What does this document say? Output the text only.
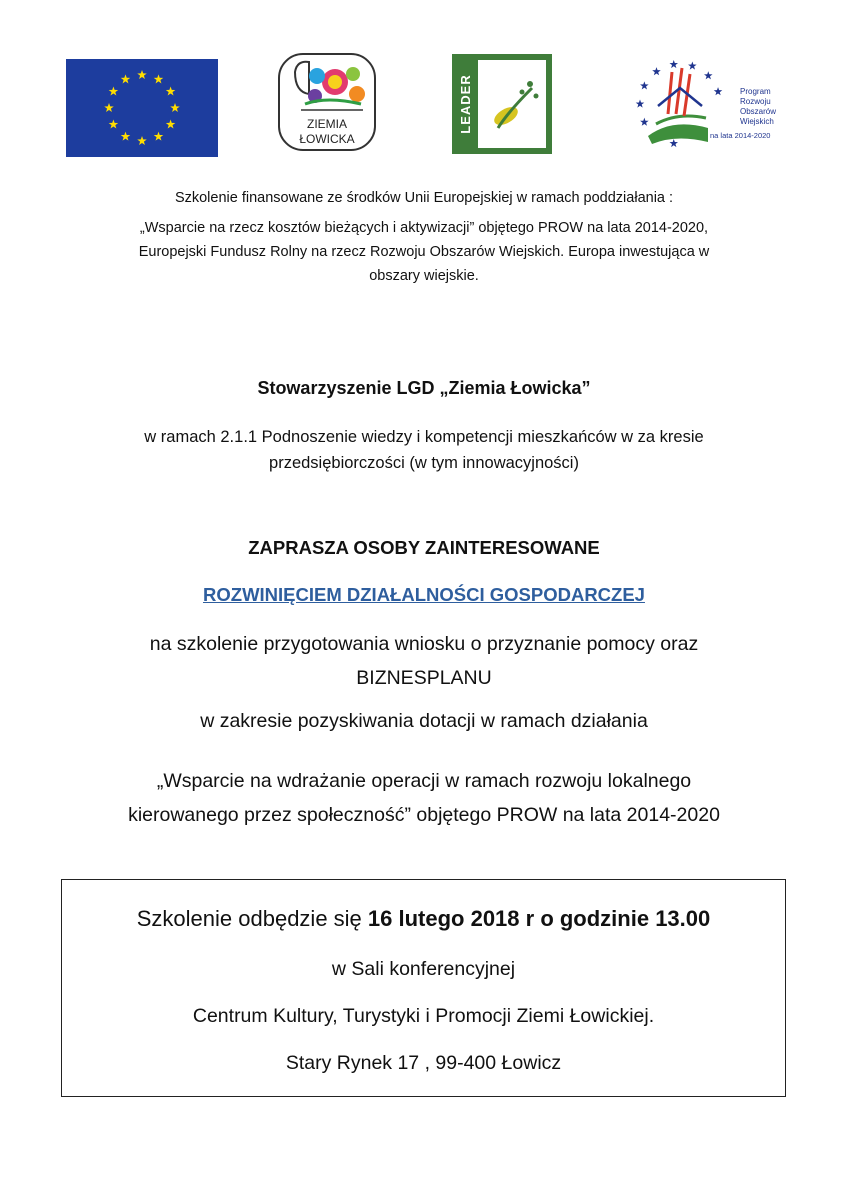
ZIEMIA
ŁOWICKA
LEADER	Program
Rozwoju
Obszarów
Wiejskich
na lata 2014-2020

Szkolenie finansowane ze środków Unii Europejskiej w ramach poddziałania :

„Wsparcie na rzecz kosztów bieżących i aktywizacji” objętego PROW na lata 2014-2020,

Europejski Fundusz Rolny na rzecz Rozwoju Obszarów Wiejskich. Europa inwestująca w

obszary wiejskie.

Stowarzyszenie LGD „Ziemia Łowicka”
w ramach 2.1.1 Podnoszenie wiedzy i kompetencji mieszkańców w za kresie
przedsiębiorczości (w tym innowacyjności)
ZAPRASZA OSOBY ZAINTERESOWANE
ROZWINIĘCIEM DZIAŁALNOŚCI GOSPODARCZEJ
na szkolenie przygotowania wniosku o przyznanie pomocy oraz
BIZNESPLANU
w zakresie pozyskiwania dotacji w ramach działania
„Wsparcie na wdrażanie operacji w ramach rozwoju lokalnego
kierowanego przez społeczność” objętego PROW na lata 2014-2020
Szkolenie odbędzie się 16 lutego 2018 r o godzinie 13.00
w Sali konferencyjnej
Centrum Kultury, Turystyki i Promocji Ziemi Łowickiej.
Stary Rynek 17 , 99-400 Łowicz
